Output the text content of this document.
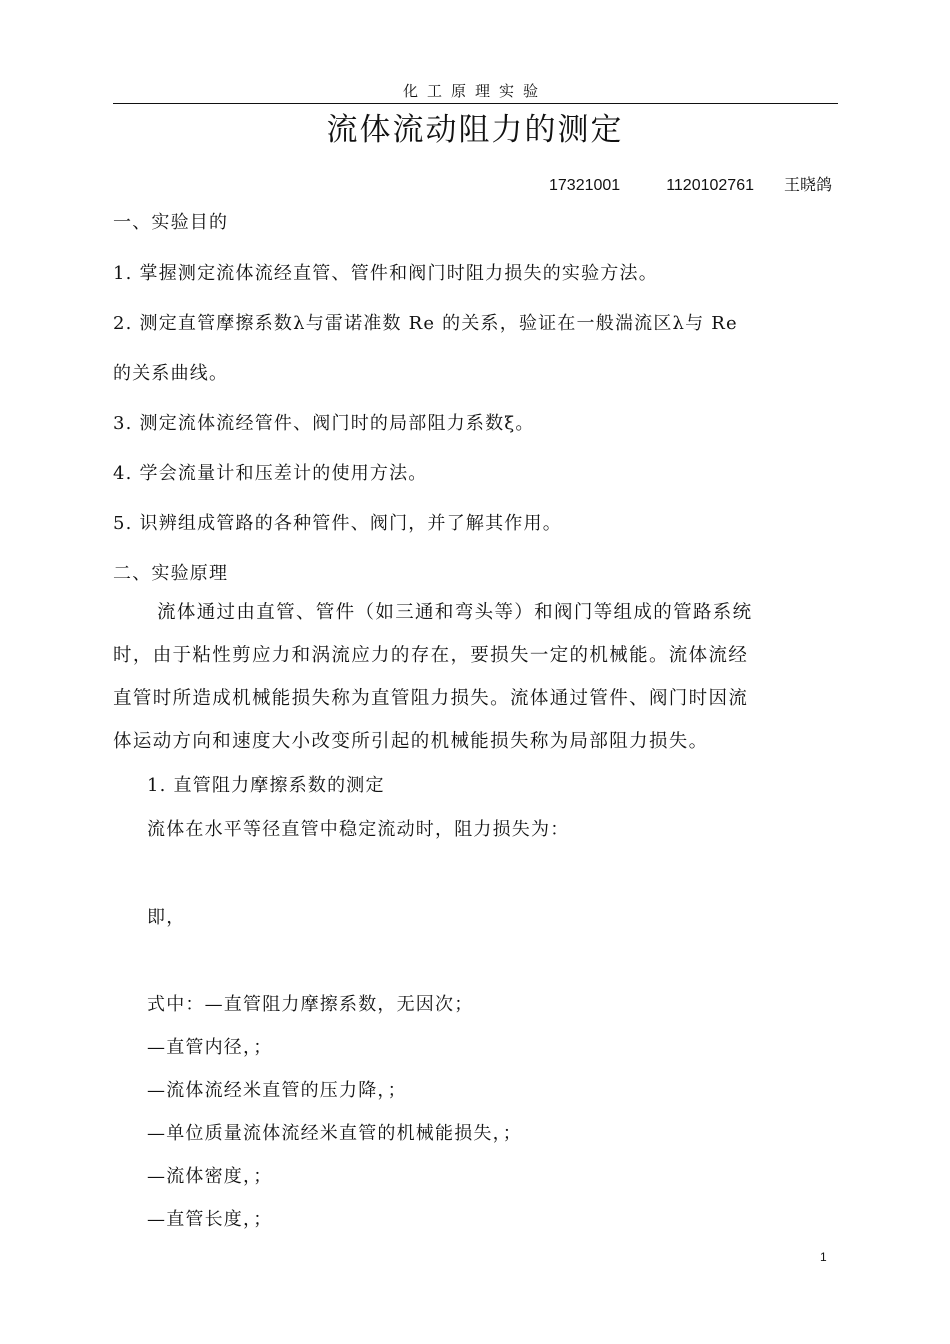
化工原理实验
流体流动阻力的测定
17321001	1120102761 王晓鸽
一、实验目的
1. 掌握测定流体流经直管、管件和阀门时阻力损失的实验方法。
2. 测定直管摩擦系数λ与雷诺准数 Re 的关系，验证在一般湍流区λ与 Re
的关系曲线。
3. 测定流体流经管件、阀门时的局部阻力系数ξ。
4. 学会流量计和压差计的使用方法。
5. 识辨组成管路的各种管件、阀门，并了解其作用。
二、实验原理
流体通过由直管、管件（如三通和弯头等）和阀门等组成的管路系统
时，由于粘性剪应力和涡流应力的存在，要损失一定的机械能。流体流经
直管时所造成机械能损失称为直管阻力损失。流体通过管件、阀门时因流
体运动方向和速度大小改变所引起的机械能损失称为局部阻力损失。
1. 直管阻力摩擦系数的测定
流体在水平等径直管中稳定流动时，阻力损失为：
即，
式中：—直管阻力摩擦系数，无因次；
—直管内径，；
—流体流经米直管的压力降，；
—单位质量流体流经米直管的机械能损失，；
—流体密度，；
—直管长度，；
1
